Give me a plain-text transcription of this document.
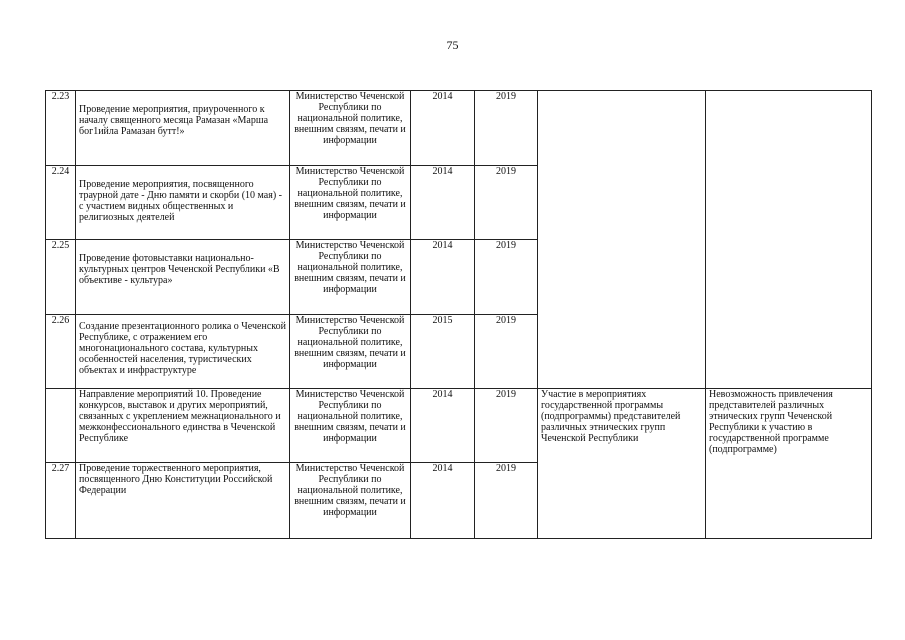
75
2.23	Проведение мероприятия, приуроченного к началу священного месяца Рамазан «Марша бог1ийла Рамазан бутт!»	Министерство Чеченской Республики по национальной политике, внешним связям, печати и информации	2014	2019		
2.24	Проведение мероприятия, посвященного траурной дате - Дню памяти и скорби (10 мая) - с участием видных общественных и религиозных деятелей	Министерство Чеченской Республики по национальной политике, внешним связям, печати и информации	2014	2019		
2.25	Проведение фотовыставки национально-культурных центров Чеченской Республики «В объективе - культура»	Министерство Чеченской Республики по национальной политике, внешним связям, печати и информации	2014	2019		
2.26	Создание презентационного ролика о Чеченской Республике, с отражением его многонационального состава, культурных особенностей населения, туристических объектах и инфраструктуре	Министерство Чеченской Республики по национальной политике, внешним связям, печати и информации	2015	2019		
	Направление мероприятий 10. Проведение конкурсов, выставок и других мероприятий, связанных с укреплением межнационального и межконфессионального единства в Чеченской Республике	Министерство Чеченской Республики по национальной политике, внешним связям, печати и информации	2014	2019	Участие в мероприятиях государственной программы (подпрограммы) представителей различных этнических групп Чеченской Республики	Невозможность привлечения представителей различных этнических групп Чеченской Республики к участию в государственной программе (подпрограмме)
2.27	Проведение торжественного мероприятия, посвященного Дню Конституции Российской Федерации	Министерство Чеченской Республики по национальной политике, внешним связям, печати и информации	2014	2019		
